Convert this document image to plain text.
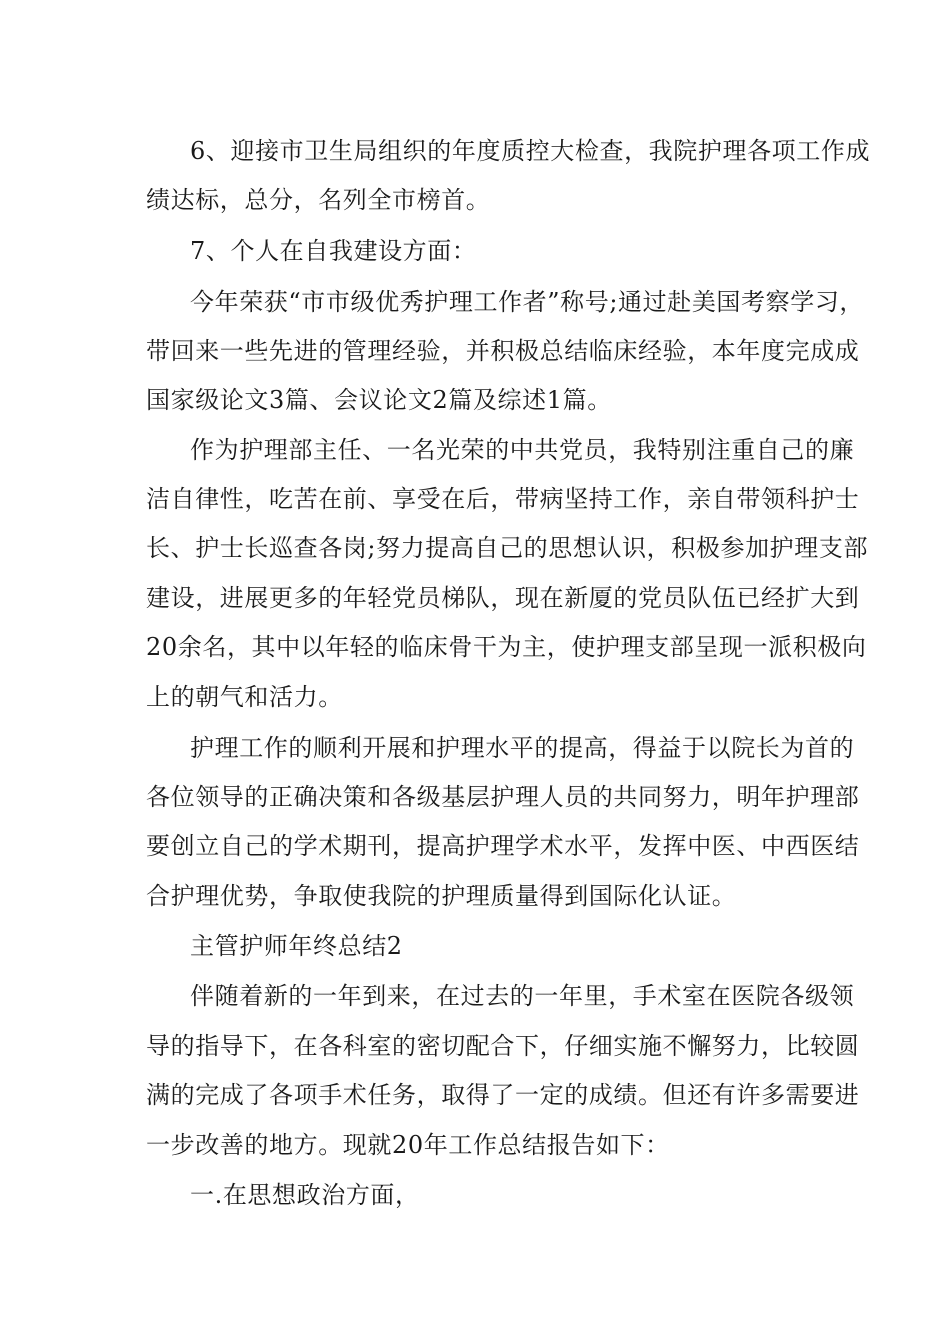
6、迎接市卫生局组织的年度质控大检查，我院护理各项工作成
绩达标，总分，名列全市榜首。
7、个人在自我建设方面：
今年荣获“市市级优秀护理工作者”称号;通过赴美国考察学习，
带回来一些先进的管理经验，并积极总结临床经验，本年度完成成
国家级论文3篇、会议论文2篇及综述1篇。
作为护理部主任、一名光荣的中共党员，我特别注重自己的廉
洁自律性，吃苦在前、享受在后，带病坚持工作，亲自带领科护士
长、护士长巡查各岗;努力提高自己的思想认识，积极参加护理支部
建设，进展更多的年轻党员梯队，现在新厦的党员队伍已经扩大到
20余名，其中以年轻的临床骨干为主，使护理支部呈现一派积极向
上的朝气和活力。
护理工作的顺利开展和护理水平的提高，得益于以院长为首的
各位领导的正确决策和各级基层护理人员的共同努力，明年护理部
要创立自己的学术期刊，提高护理学术水平，发挥中医、中西医结
合护理优势，争取使我院的护理质量得到国际化认证。
主管护师年终总结2
伴随着新的一年到来，在过去的一年里，手术室在医院各级领
导的指导下，在各科室的密切配合下，仔细实施不懈努力，比较圆
满的完成了各项手术任务，取得了一定的成绩。但还有许多需要进
一步改善的地方。现就20年工作总结报告如下：
一.在思想政治方面，
